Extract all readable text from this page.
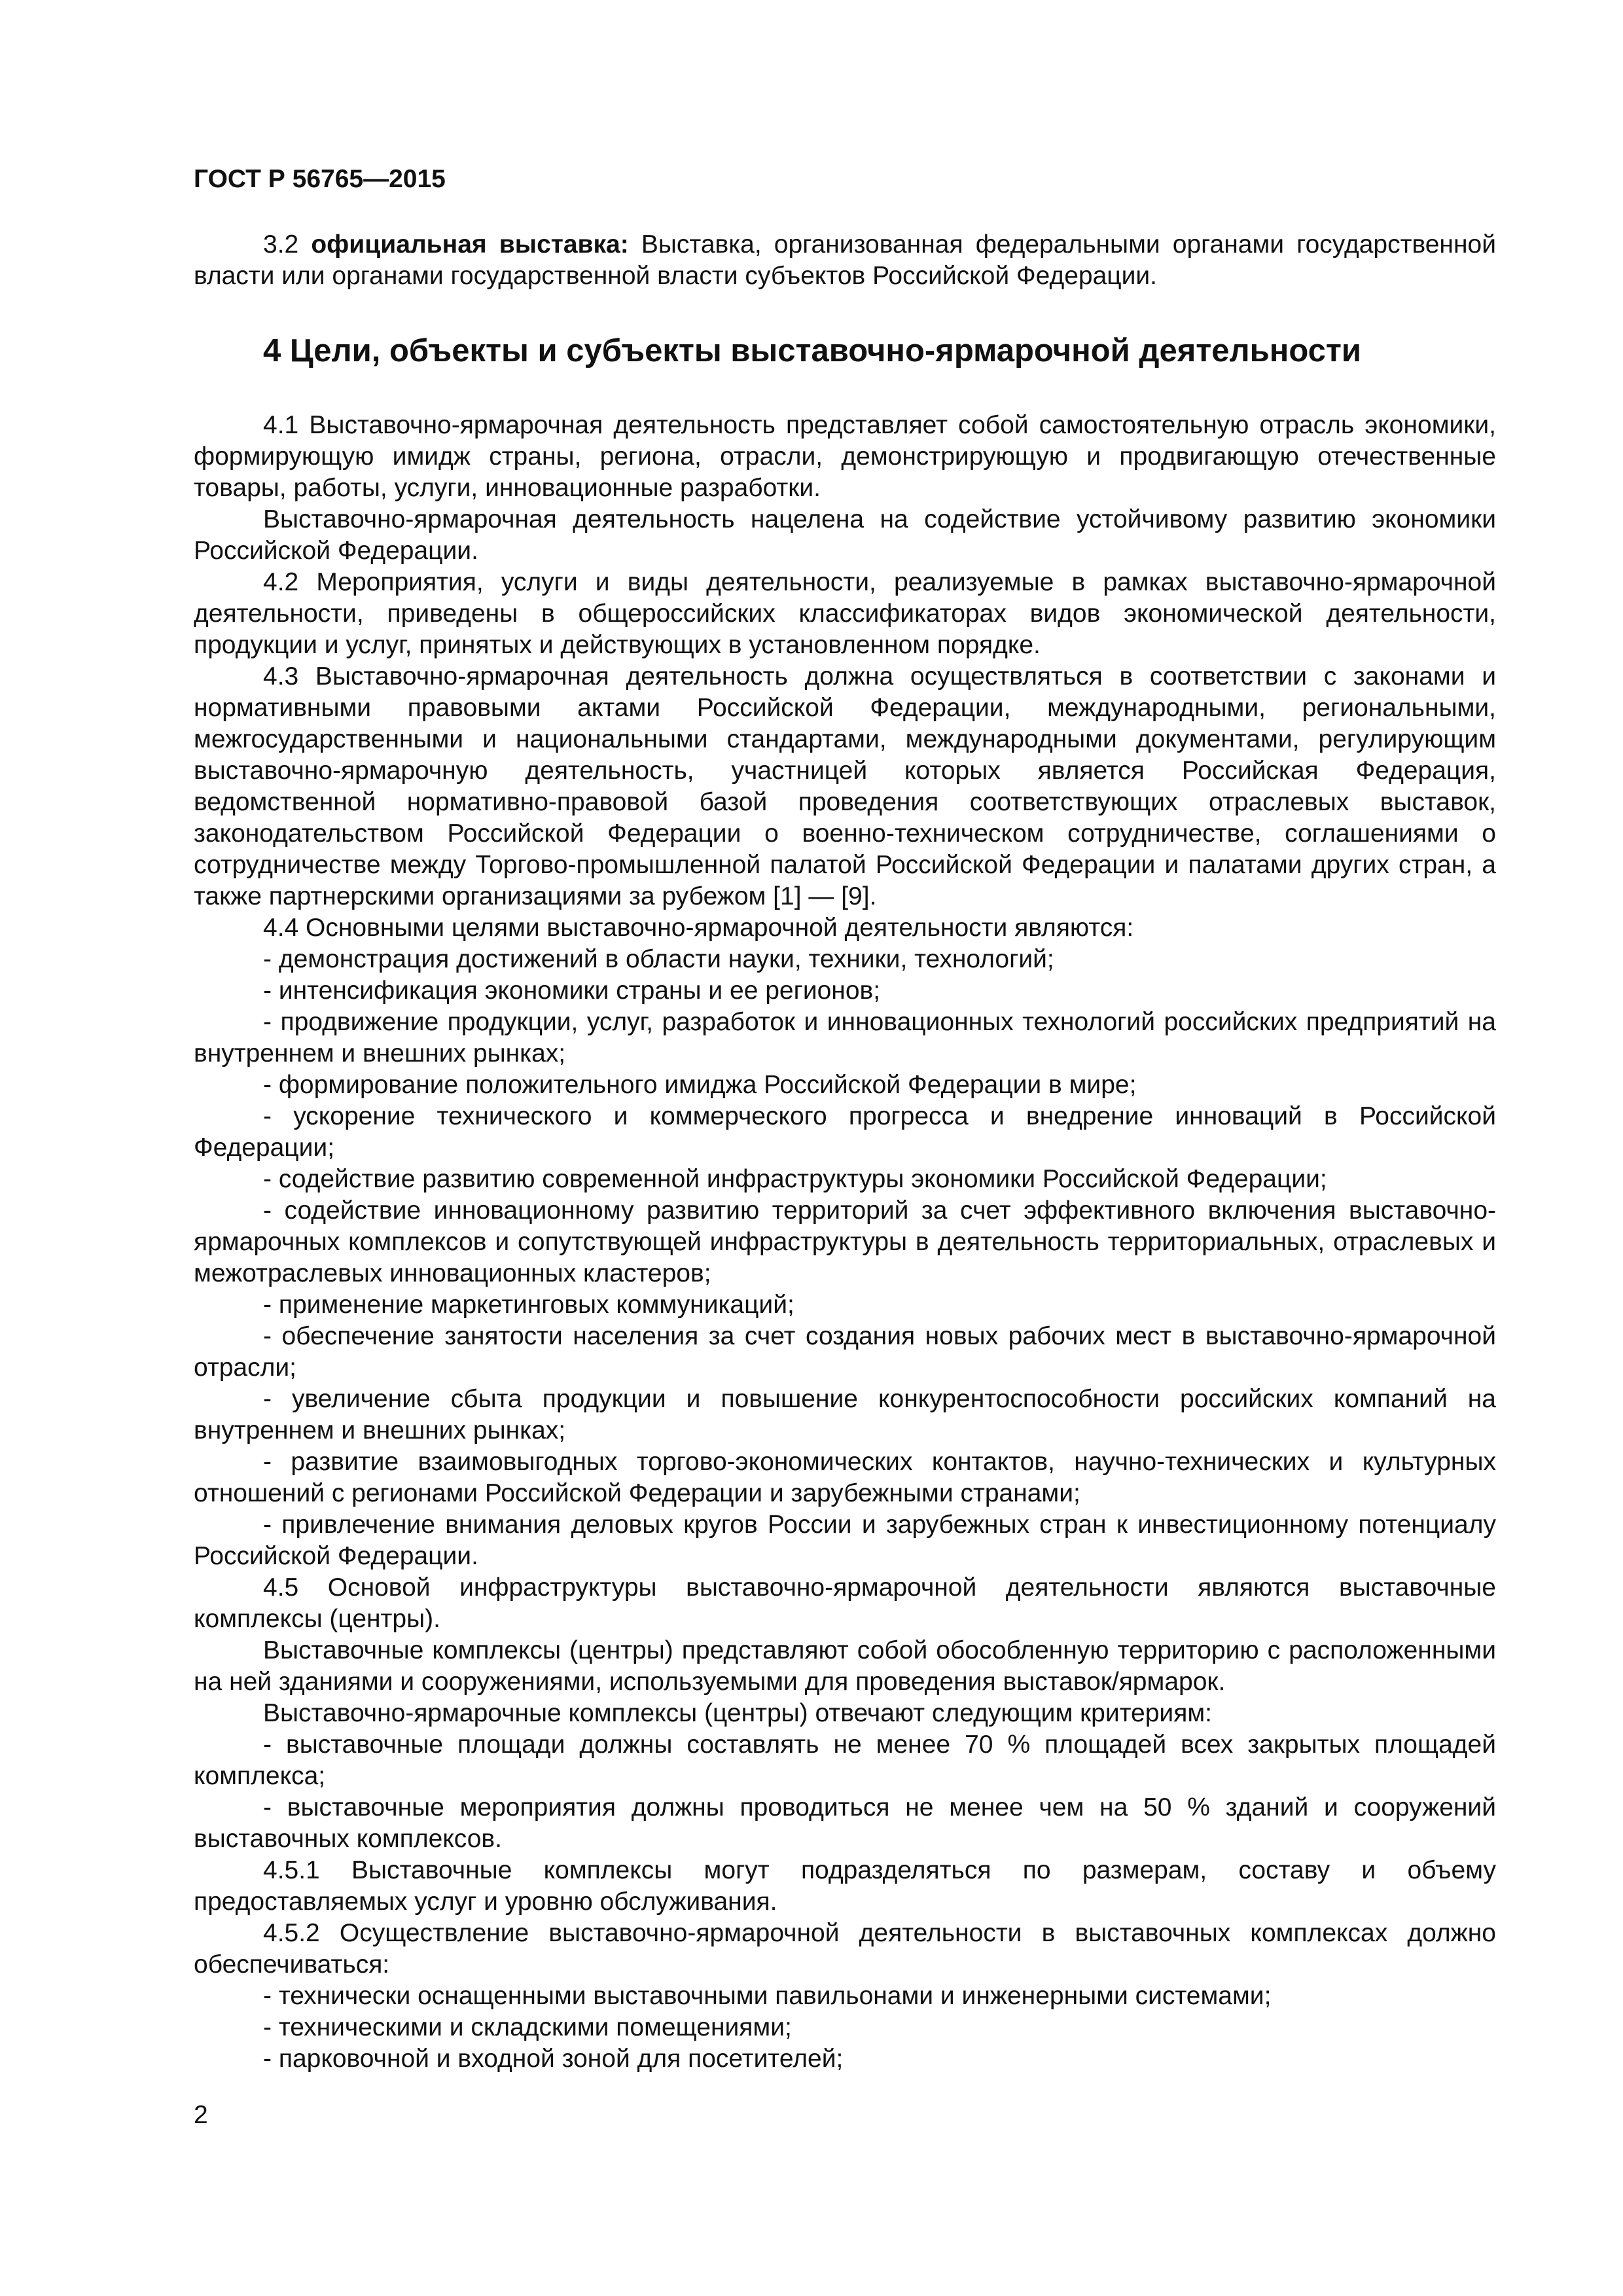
ГОСТ Р 56765—2015

3.2 официальная выставка: Выставка, организованная федеральными органами государственной власти или органами государственной власти субъектов Российской Федерации.

4 Цели, объекты и субъекты выставочно-ярмарочной деятельности

4.1 Выставочно-ярмарочная деятельность представляет собой самостоятельную отрасль экономики, формирующую имидж страны, региона, отрасли, демонстрирующую и продвигающую отечественные товары, работы, услуги, инновационные разработки.

Выставочно-ярмарочная деятельность нацелена на содействие устойчивому развитию экономики Российской Федерации.

4.2 Мероприятия, услуги и виды деятельности, реализуемые в рамках выставочно-ярмарочной деятельности, приведены в общероссийских классификаторах видов экономической деятельности, продукции и услуг, принятых и действующих в установленном порядке.

4.3 Выставочно-ярмарочная деятельность должна осуществляться в соответствии с законами и нормативными правовыми актами Российской Федерации, международными, региональными, межгосударственными и национальными стандартами, международными документами, регулирующим выставочно-ярмарочную деятельность, участницей которых является Российская Федерация, ведомственной нормативно-правовой базой проведения соответствующих отраслевых выставок, законодательством Российской Федерации о военно-техническом сотрудничестве, соглашениями о сотрудничестве между Торгово-промышленной палатой Российской Федерации и палатами других стран, а также партнерскими организациями за рубежом [1] — [9].

4.4 Основными целями выставочно-ярмарочной деятельности являются:

- демонстрация достижений в области науки, техники, технологий;

- интенсификация экономики страны и ее регионов;

- продвижение продукции, услуг, разработок и инновационных технологий российских предприятий на внутреннем и внешних рынках;

- формирование положительного имиджа Российской Федерации в мире;

- ускорение технического и коммерческого прогресса и внедрение инноваций в Российской Федерации;

- содействие развитию современной инфраструктуры экономики Российской Федерации;

- содействие инновационному развитию территорий за счет эффективного включения выставочно-ярмарочных комплексов и сопутствующей инфраструктуры в деятельность территориальных, отраслевых и межотраслевых инновационных кластеров;

- применение маркетинговых коммуникаций;

- обеспечение занятости населения за счет создания новых рабочих мест в выставочно-ярмарочной отрасли;

- увеличение сбыта продукции и повышение конкурентоспособности российских компаний на внутреннем и внешних рынках;

- развитие взаимовыгодных торгово-экономических контактов, научно-технических и культурных отношений с регионами Российской Федерации и зарубежными странами;

- привлечение внимания деловых кругов России и зарубежных стран к инвестиционному потенциалу Российской Федерации.

4.5 Основой инфраструктуры выставочно-ярмарочной деятельности являются выставочные комплексы (центры).

Выставочные комплексы (центры) представляют собой обособленную территорию с расположенными на ней зданиями и сооружениями, используемыми для проведения выставок/ярмарок.

Выставочно-ярмарочные комплексы (центры) отвечают следующим критериям:

- выставочные площади должны составлять не менее 70 % площадей всех закрытых площадей комплекса;

- выставочные мероприятия должны проводиться не менее чем на 50 % зданий и сооружений выставочных комплексов.

4.5.1 Выставочные комплексы могут подразделяться по размерам, составу и объему предоставляемых услуг и уровню обслуживания.

4.5.2 Осуществление выставочно-ярмарочной деятельности в выставочных комплексах должно обеспечиваться:

- технически оснащенными выставочными павильонами и инженерными системами;

- техническими и складскими помещениями;

- парковочной и входной зоной для посетителей;

2
